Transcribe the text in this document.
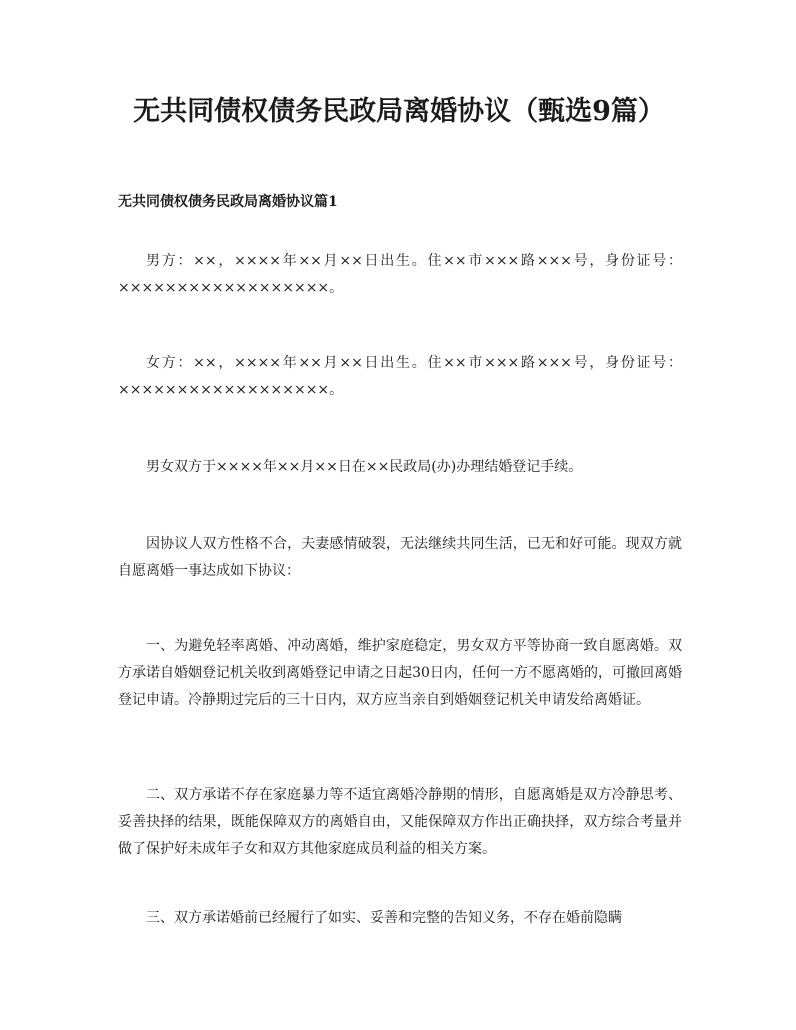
无共同债权债务民政局离婚协议（甄选9篇）
无共同债权债务民政局离婚协议篇1

男方：××，××××年××月××日出生。住××市×××路×××号，身份证号：××××××××××××××××××。

女方：××，××××年××月××日出生。住××市×××路×××号，身份证号：××××××××××××××××××。

男女双方于××××年××月××日在××民政局(办)办理结婚登记手续。

因协议人双方性格不合，夫妻感情破裂，无法继续共同生活，已无和好可能。现双方就自愿离婚一事达成如下协议：

一、为避免轻率离婚、冲动离婚，维护家庭稳定，男女双方平等协商一致自愿离婚。双方承诺自婚姻登记机关收到离婚登记申请之日起30日内，任何一方不愿离婚的，可撤回离婚登记申请。冷静期过完后的三十日内，双方应当亲自到婚姻登记机关申请发给离婚证。

二、双方承诺不存在家庭暴力等不适宜离婚冷静期的情形，自愿离婚是双方冷静思考、妥善抉择的结果，既能保障双方的离婚自由，又能保障双方作出正确抉择，双方综合考量并做了保护好未成年子女和双方其他家庭成员利益的相关方案。

三、双方承诺婚前已经履行了如实、妥善和完整的告知义务，不存在婚前隐瞒
